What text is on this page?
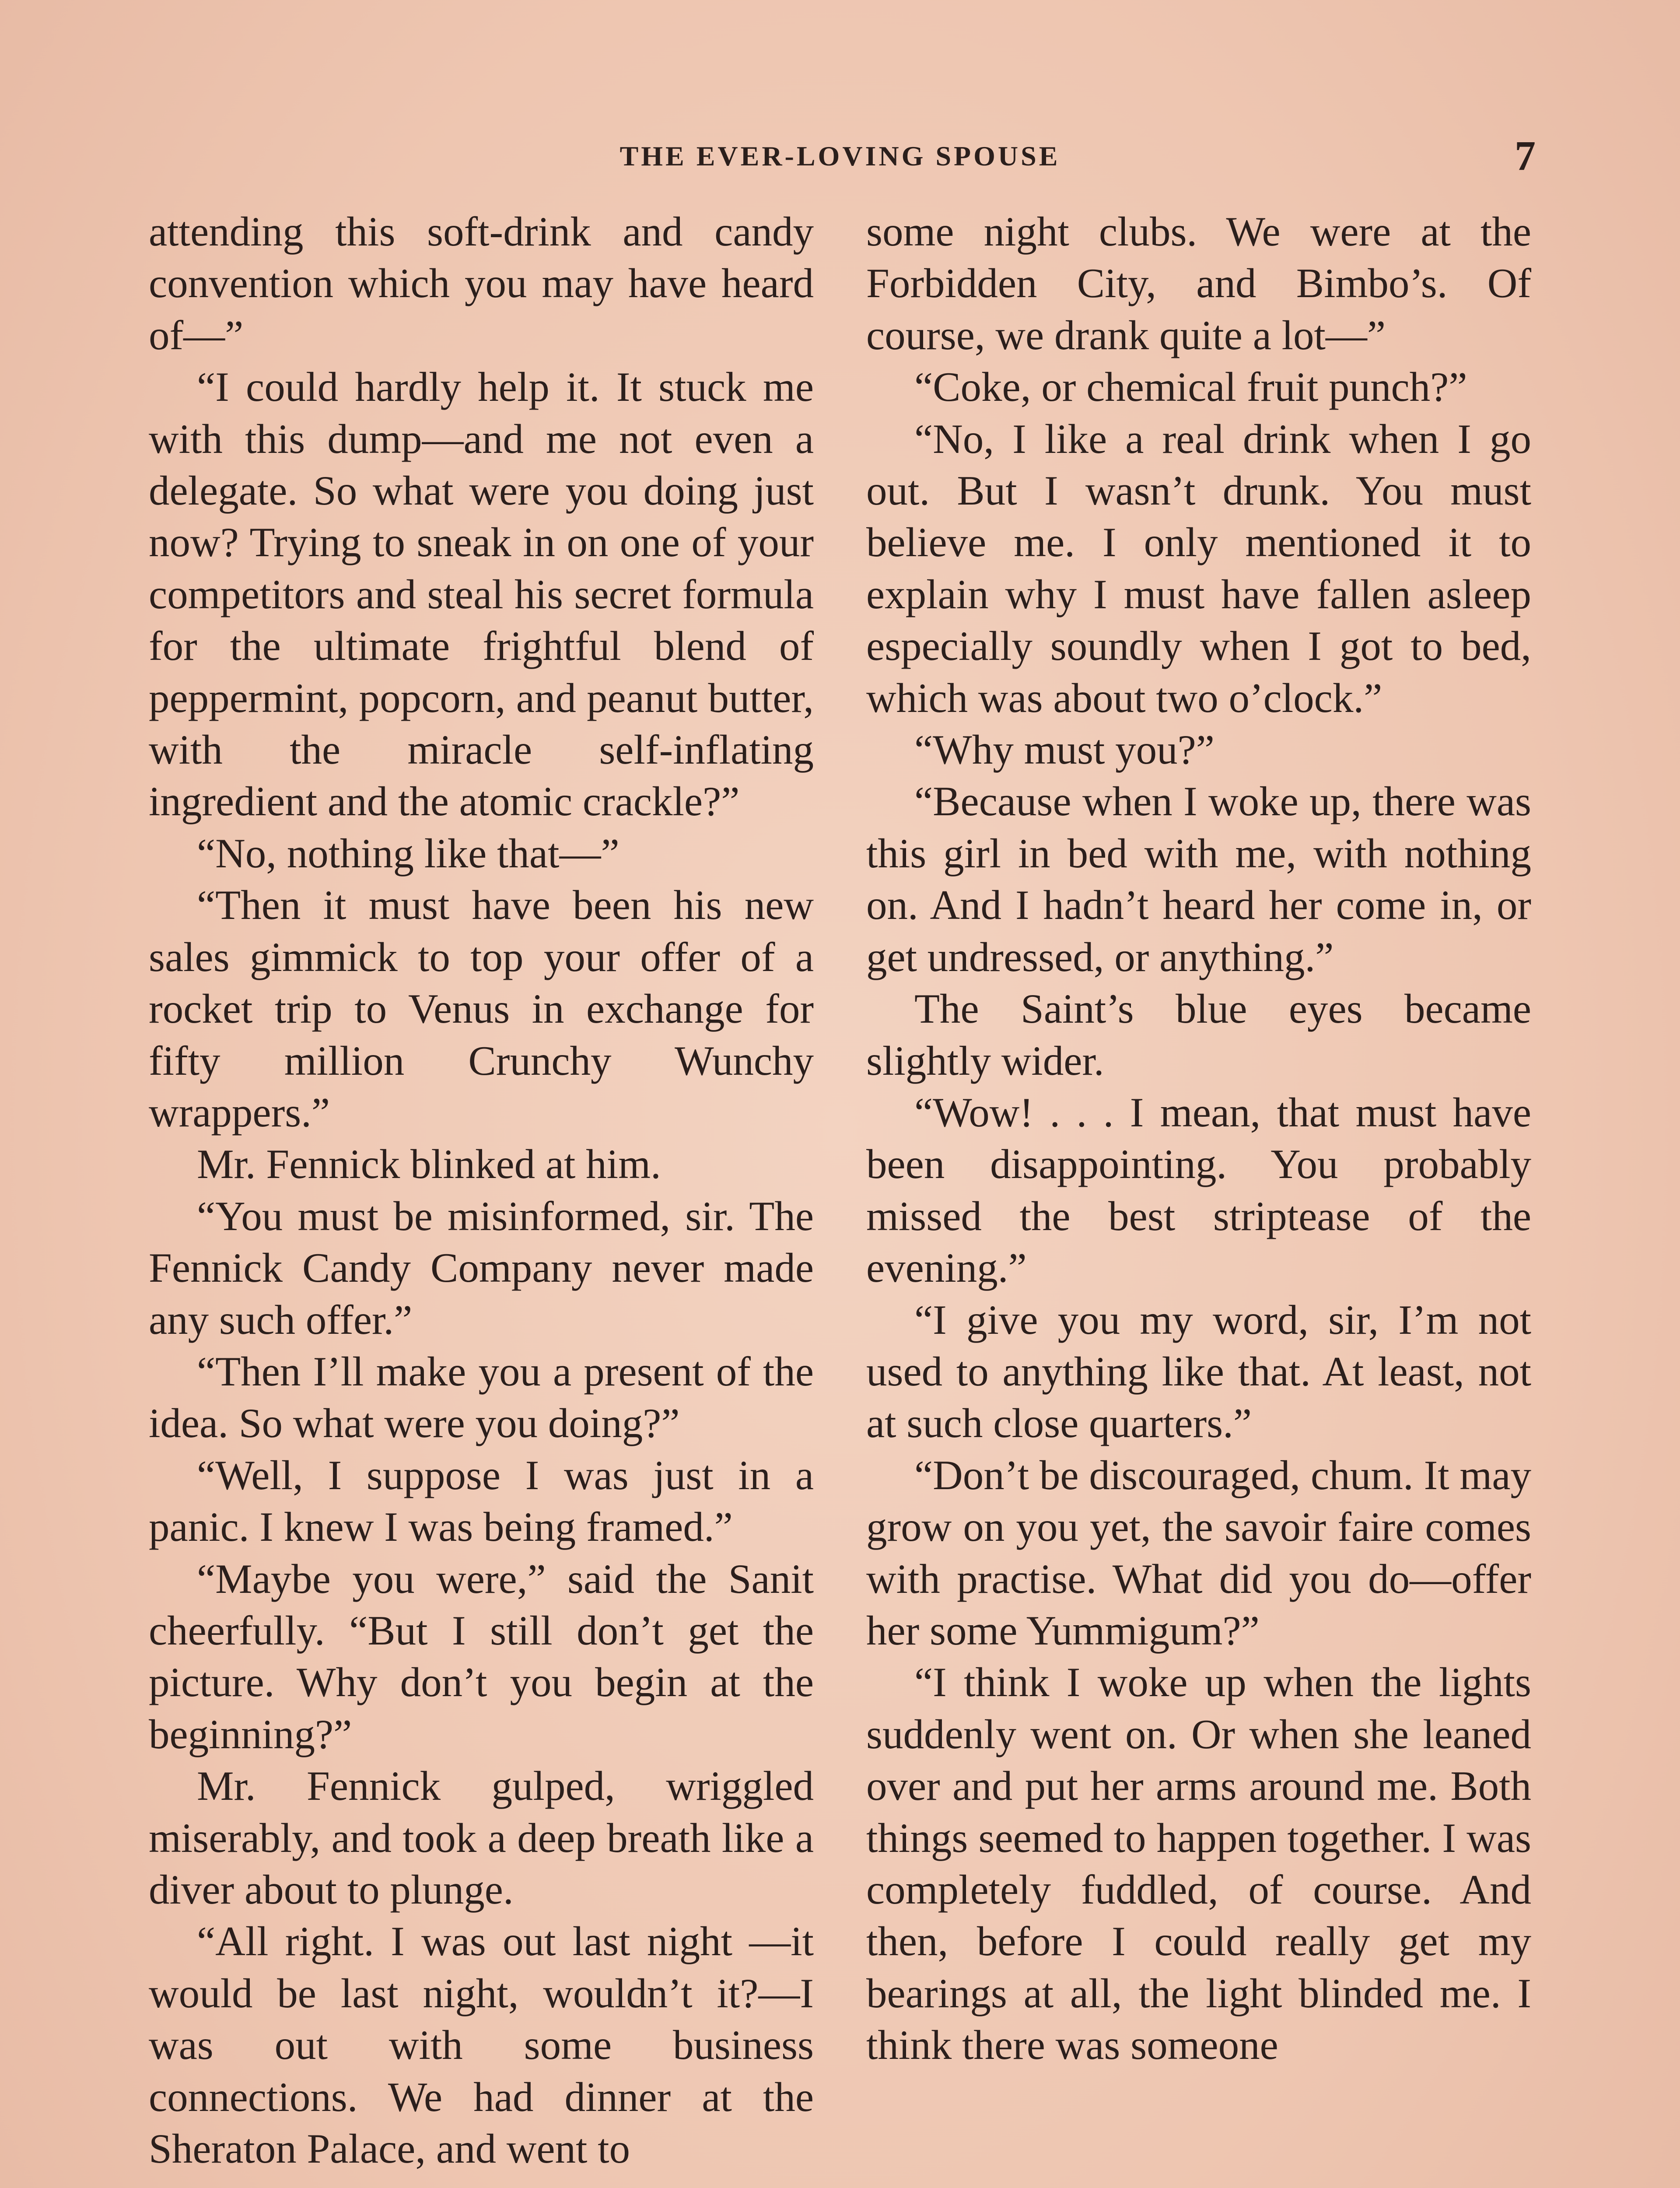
THE EVER-LOVING SPOUSE	7

attending this soft-drink and candy convention which you may have heard of—”

“I could hardly help it. It stuck me with this dump—and me not even a delegate. So what were you doing just now? Trying to sneak in on one of your competitors and steal his secret formula for the ultimate frightful blend of peppermint, popcorn, and peanut butter, with the miracle self-inflating ingredient and the atomic crackle?”

“No, nothing like that—”

“Then it must have been his new sales gimmick to top your offer of a rocket trip to Venus in exchange for fifty million Crunchy Wunchy wrappers.”

Mr. Fennick blinked at him.

“You must be misinformed, sir. The Fennick Candy Company never made any such offer.”

“Then I’ll make you a present of the idea. So what were you doing?”

“Well, I suppose I was just in a panic. I knew I was being framed.”

“Maybe you were,” said the Sanit cheerfully. “But I still don’t get the picture. Why don’t you begin at the beginning?”

Mr. Fennick gulped, wriggled miserably, and took a deep breath like a diver about to plunge.

“All right. I was out last night —it would be last night, wouldn’t it?—I was out with some business connections. We had dinner at the Sheraton Palace, and went to

some night clubs. We were at the Forbidden City, and Bimbo’s. Of course, we drank quite a lot—”

“Coke, or chemical fruit punch?”

“No, I like a real drink when I go out. But I wasn’t drunk. You must believe me. I only mentioned it to explain why I must have fallen asleep especially soundly when I got to bed, which was about two o’clock.”

“Why must you?”

“Because when I woke up, there was this girl in bed with me, with nothing on. And I hadn’t heard her come in, or get undressed, or anything.”

The Saint’s blue eyes became slightly wider.

“Wow! . . . I mean, that must have been disappointing. You probably missed the best striptease of the evening.”

“I give you my word, sir, I’m not used to anything like that. At least, not at such close quarters.”

“Don’t be discouraged, chum. It may grow on you yet, the savoir faire comes with practise. What did you do—offer her some Yummigum?”

“I think I woke up when the lights suddenly went on. Or when she leaned over and put her arms around me. Both things seemed to happen together. I was completely fuddled, of course. And then, before I could really get my bearings at all, the light blinded me. I think there was someone
